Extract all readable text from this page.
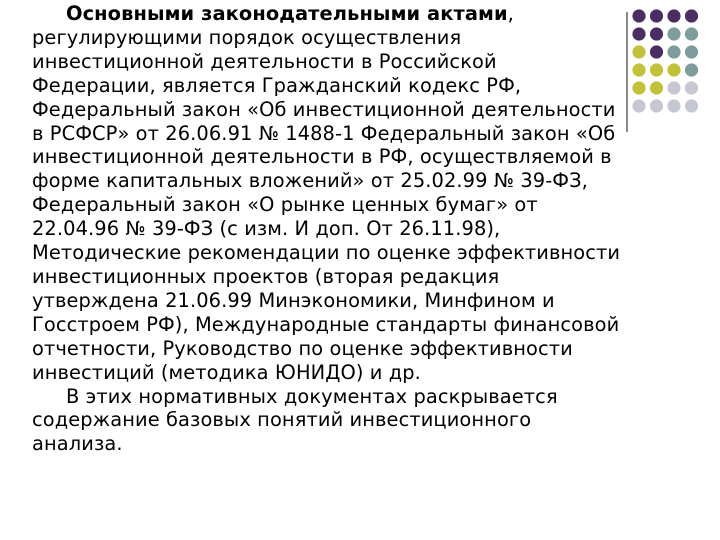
Основными законодательными актами, регулирующими порядок осуществления инвестиционной деятельности в Российской Федерации, является Гражданский кодекс РФ, Федеральный закон «Об инвестиционной деятельности в РСФСР» от 26.06.91 № 1488-1 Федеральный закон «Об инвестиционной деятельности в РФ, осуществляемой в форме капитальных вложений» от 25.02.99 № 39-ФЗ, Федеральный закон «О рынке ценных бумаг» от 22.04.96 № 39-ФЗ (с изм. И доп. От 26.11.98), Методические рекомендации по оценке эффективности инвестиционных проектов (вторая редакция утверждена 21.06.99 Минэкономики, Минфином и Госстроем РФ), Международные стандарты финансовой отчетности, Руководство по оценке эффективности инвестиций (методика ЮНИДО) и др.

В этих нормативных документах раскрывается содержание базовых понятий инвестиционного анализа.
